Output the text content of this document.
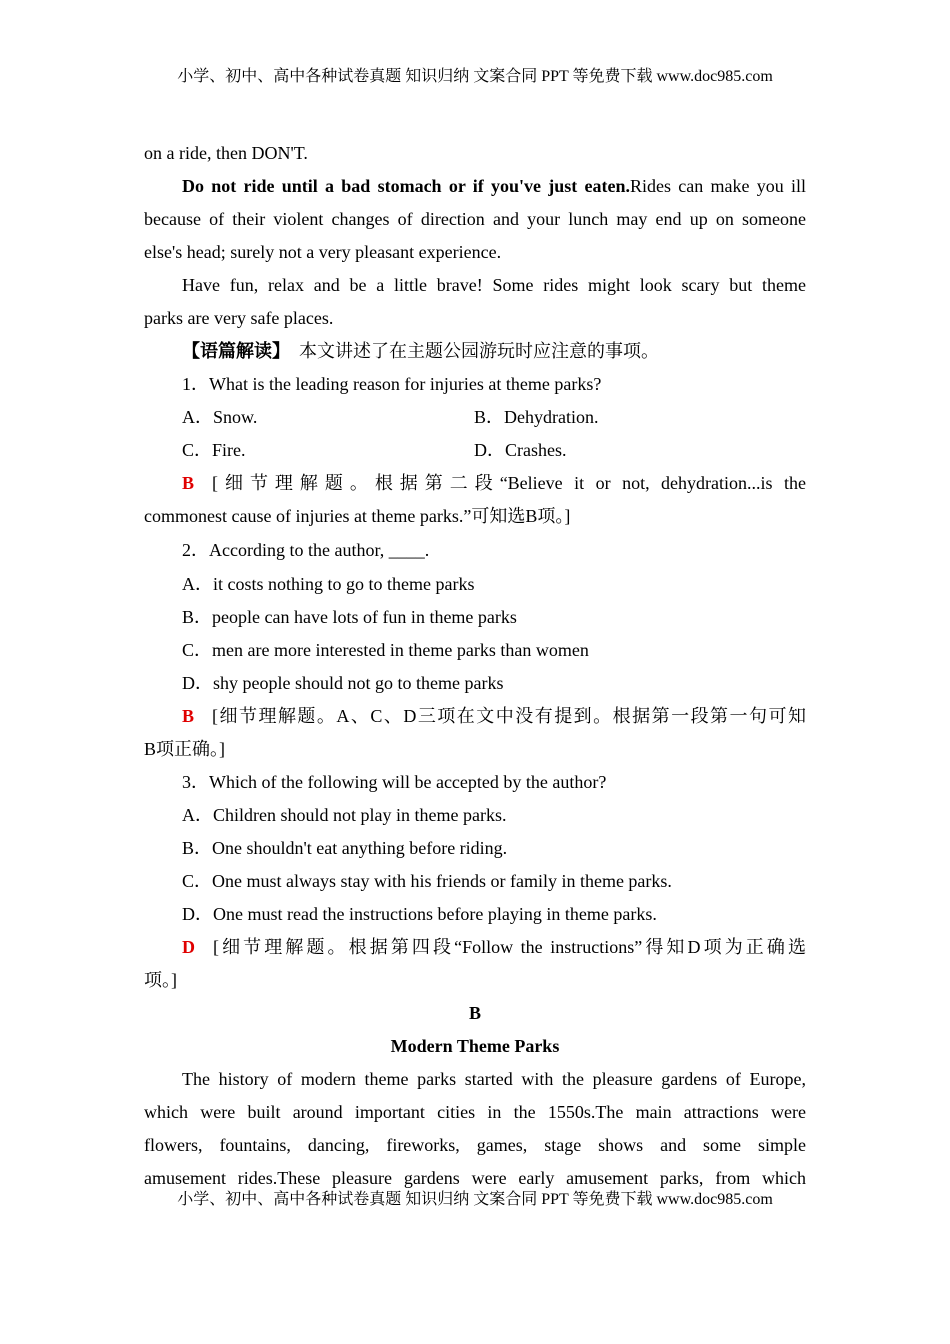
小学、初中、高中各种试卷真题 知识归纳 文案合同 PPT 等免费下载 www.doc985.com
on a ride, then DON'T.
Do not ride until a bad stomach or if you've just eaten.Rides can make you ill
because of their violent changes of direction and your lunch may end up on someone
else's head; surely not a very pleasant experience.
Have fun, relax and be a little brave! Some rides might look scary but theme
parks are very safe places.
【语篇解读】　本文讲述了在主题公园游玩时应注意的事项。
1．What is the leading reason for injuries at theme parks?
A．Snow.	B．Dehydration.
C．Fire.	D．Crashes.
B [细节理解题。根据第二段“Believe it or not, dehydration...is the
commonest cause of injuries at theme parks.”可知选B项。]
2．According to the author, ____.
A．it costs nothing to go to theme parks
B．people can have lots of fun in theme parks
C．men are more interested in theme parks than women
D．shy people should not go to theme parks
B [细节理解题。A、C、D三项在文中没有提到。根据第一段第一句可知
B项正确。]
3．Which of the following will be accepted by the author?
A．Children should not play in theme parks.
B．One shouldn't eat anything before riding.
C．One must always stay with his friends or family in theme parks.
D．One must read the instructions before playing in theme parks.
D [细节理解题。根据第四段“Follow the instructions”得知D项为正确选
项。]
B
Modern Theme Parks
The history of modern theme parks started with the pleasure gardens of Europe,
which were built around important cities in the 1550s.The main attractions were
flowers, fountains, dancing, fireworks, games, stage shows and some simple
amusement rides.These pleasure gardens were early amusement parks, from which
小学、初中、高中各种试卷真题 知识归纳 文案合同 PPT 等免费下载 www.doc985.com
